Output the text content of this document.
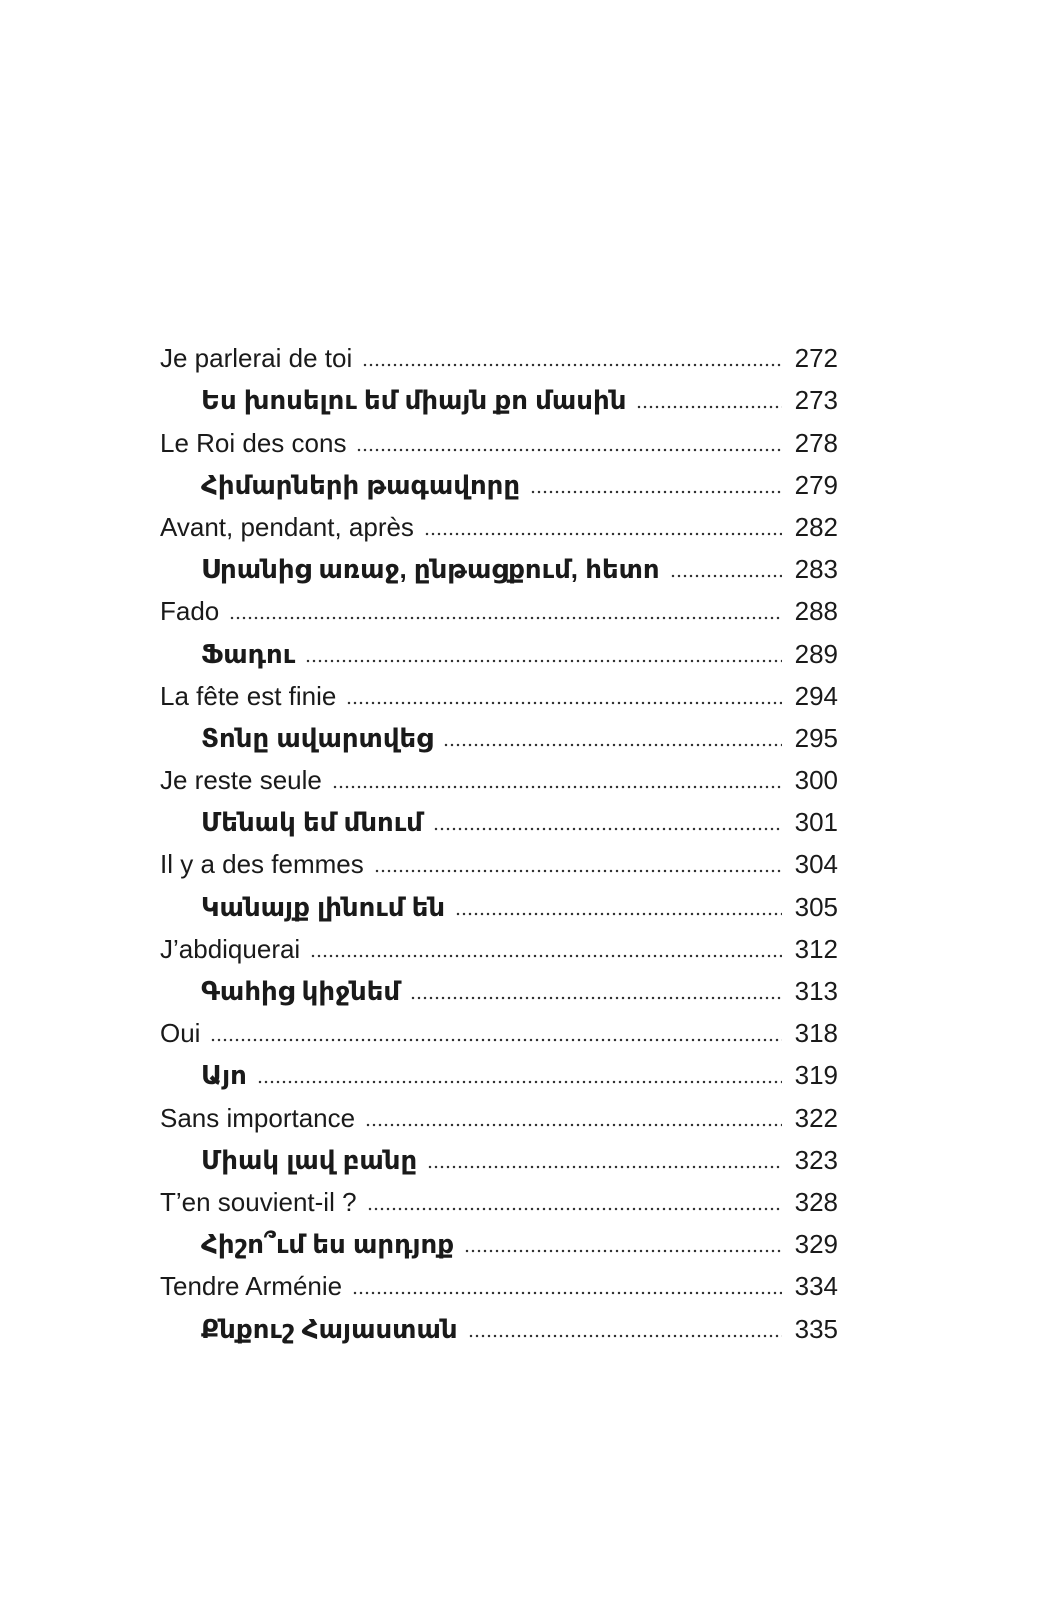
Je parlerai de toi	272
Ես խոսելու եմ միայն քո մասին	273
Le Roi des cons	278
Հիմարների թագավորը	279
Avant, pendant, après	282
Սրանից առաջ, ընթացքում, հետո	283
Fado	288
Ֆադու	289
La fête est finie	294
Տոնը ավարտվեց	295
Je reste seule	300
Մենակ եմ մնում	301
Il y a des femmes	304
Կանայք լինում են	305
J’abdiquerai	312
Գահից կիջնեմ	313
Oui	318
Այո	319
Sans importance	322
Միակ լավ բանը	323
T’en souvient-il ?	328
Հիշո՞ւմ ես արդյոք	329
Tendre Arménie	334
Քնքուշ Հայաստան	335
